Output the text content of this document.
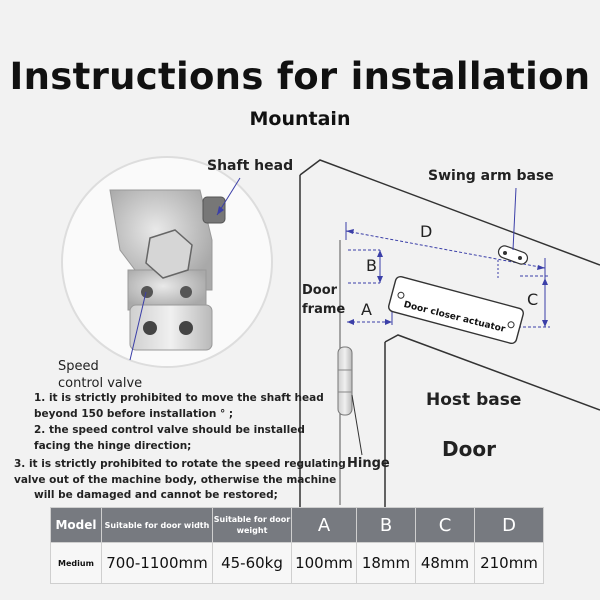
Instructions for installation
Mountain
Shaft head
Swing arm base
D
B
A
C
Door
frame	Door closer actuator
Host base
Door
Hinge
Speed
control valve
1. it is strictly prohibited to move the shaft head
beyond 150 before installation ° ;
2. the speed control valve should be installed
facing the hinge direction;
3. it is strictly prohibited to rotate the speed regulating
valve out of the machine body, otherwise the machine
will be damaged and cannot be restored;
Model	Suitable for door width	Suitable for door weight	A	B	C	D
Medium	700-1100mm	45-60kg	100mm	18mm	48mm	210mm
